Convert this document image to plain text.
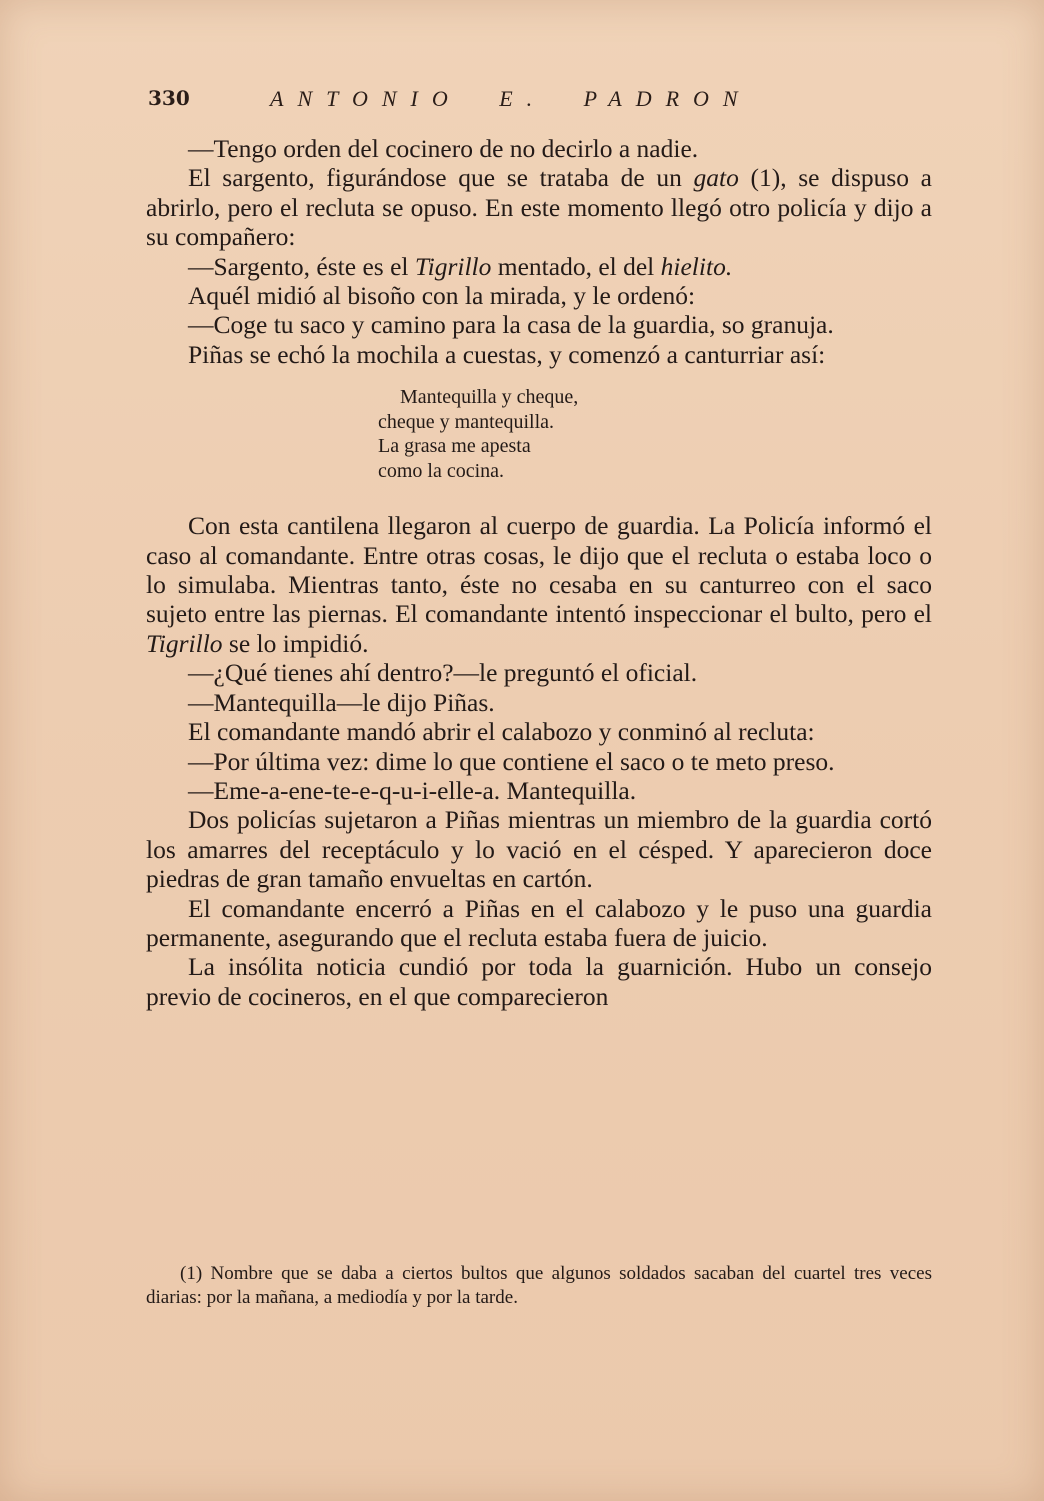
330	ANTONIO E. PADRON

—Tengo orden del cocinero de no decirlo a nadie.

El sargento, figurándose que se trataba de un gato (1), se dispuso a abrirlo, pero el recluta se opuso. En este momento llegó otro policía y dijo a su compañero:

—Sargento, éste es el Tigrillo mentado, el del hielito.

Aquél midió al bisoño con la mirada, y le ordenó:

—Coge tu saco y camino para la casa de la guardia, so granuja.

Piñas se echó la mochila a cuestas, y comenzó a canturriar así:

Mantequilla y cheque,
cheque y mantequilla.
La grasa me apesta
como la cocina.

Con esta cantilena llegaron al cuerpo de guardia. La Policía informó el caso al comandante. Entre otras cosas, le dijo que el recluta o estaba loco o lo simulaba. Mientras tanto, éste no cesaba en su canturreo con el saco sujeto entre las piernas. El comandante intentó inspeccionar el bulto, pero el Tigrillo se lo impidió.

—¿Qué tienes ahí dentro?—le preguntó el oficial.

—Mantequilla—le dijo Piñas.

El comandante mandó abrir el calabozo y conminó al recluta:

—Por última vez: dime lo que contiene el saco o te meto preso.

—Eme-a-ene-te-e-q-u-i-elle-a. Mantequilla.

Dos policías sujetaron a Piñas mientras un miembro de la guardia cortó los amarres del receptáculo y lo vació en el césped. Y aparecieron doce piedras de gran tamaño envueltas en cartón.

El comandante encerró a Piñas en el calabozo y le puso una guardia permanente, asegurando que el recluta estaba fuera de juicio.

La insólita noticia cundió por toda la guarnición. Hubo un consejo previo de cocineros, en el que comparecieron

(1) Nombre que se daba a ciertos bultos que algunos soldados sacaban del cuartel tres veces diarias: por la mañana, a mediodía y por la tarde.
